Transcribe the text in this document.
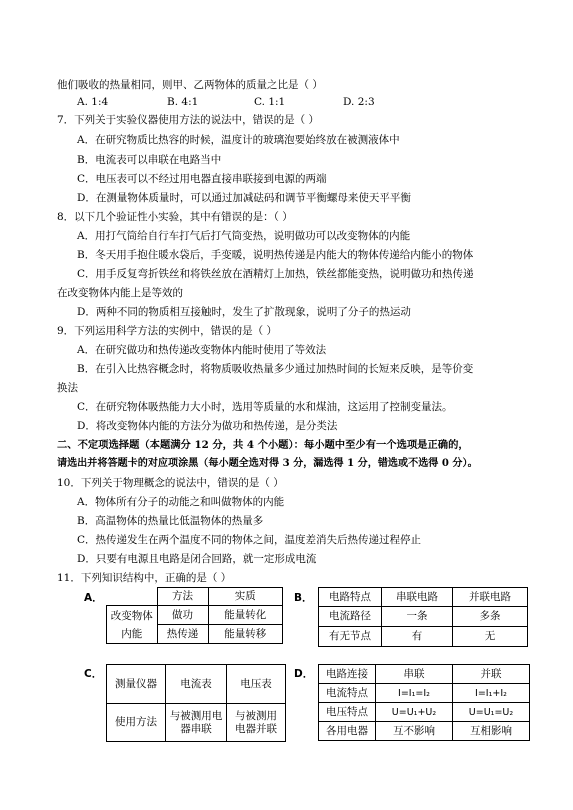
他们吸收的热量相同，则甲、乙两物体的质量之比是（ ）
A. 1:4	B. 4:1	C. 1:1	D. 2:3
7．下列关于实验仪器使用方法的说法中，错误的是（ ）
A．在研究物质比热容的时候，温度计的玻璃泡要始终放在被测液体中
B．电流表可以串联在电路当中
C．电压表可以不经过用电器直接串联接到电源的两端
D．在测量物体质量时，可以通过加减砝码和调节平衡螺母来使天平平衡
8．以下几个验证性小实验，其中有错误的是：（ ）
A．用打气筒给自行车打气后打气筒变热，说明做功可以改变物体的内能
B．冬天用手抱住暖水袋后，手变暖，说明热传递是内能大的物体传递给内能小的物体
C．用手反复弯折铁丝和将铁丝放在酒精灯上加热，铁丝都能变热，说明做功和热传递
在改变物体内能上是等效的
D．两种不同的物质相互接触时，发生了扩散现象，说明了分子的热运动
9．下列运用科学方法的实例中，错误的是（ ）
A．在研究做功和热传递改变物体内能时使用了等效法
B．在引入比热容概念时，将物质吸收热量多少通过加热时间的长短来反映，是等价变
换法
C．在研究物体吸热能力大小时，选用等质量的水和煤油，这运用了控制变量法。
D．将改变物体内能的方法分为做功和热传递，是分类法
二、不定项选择题（本题满分 12 分，共 4 个小题）：每小题中至少有一个选项是正确的，
请选出并将答题卡的对应项涂黑（每小题全选对得 3 分，漏选得 1 分，错选或不选得 0 分）。
10．下列关于物理概念的说法中，错误的是（ ）
A．物体所有分子的动能之和叫做物体的内能
B．高温物体的热量比低温物体的热量多
C．热传递发生在两个温度不同的物体之间，温度差消失后热传递过程停止
D．只要有电源且电路是闭合回路，就一定形成电流
11．下列知识结构中，正确的是（ ）
A．
		方法	实质
改变物体内能	做功	能量转化
	热传递	能量转移
B． 电路特点	串联电路	并联电路
电流路径	一条	多条
有无节点	有	无
C．
测量仪器	电流表	电压表
使用方法	与被测用电器串联	与被测用电器并联
D． 电路连接	串联	并联
电流特点	I=I₁=I₂	I=I₁+I₂
电压特点	U=U₁+U₂	U=U₁=U₂
各用电器	互不影响	互相影响
